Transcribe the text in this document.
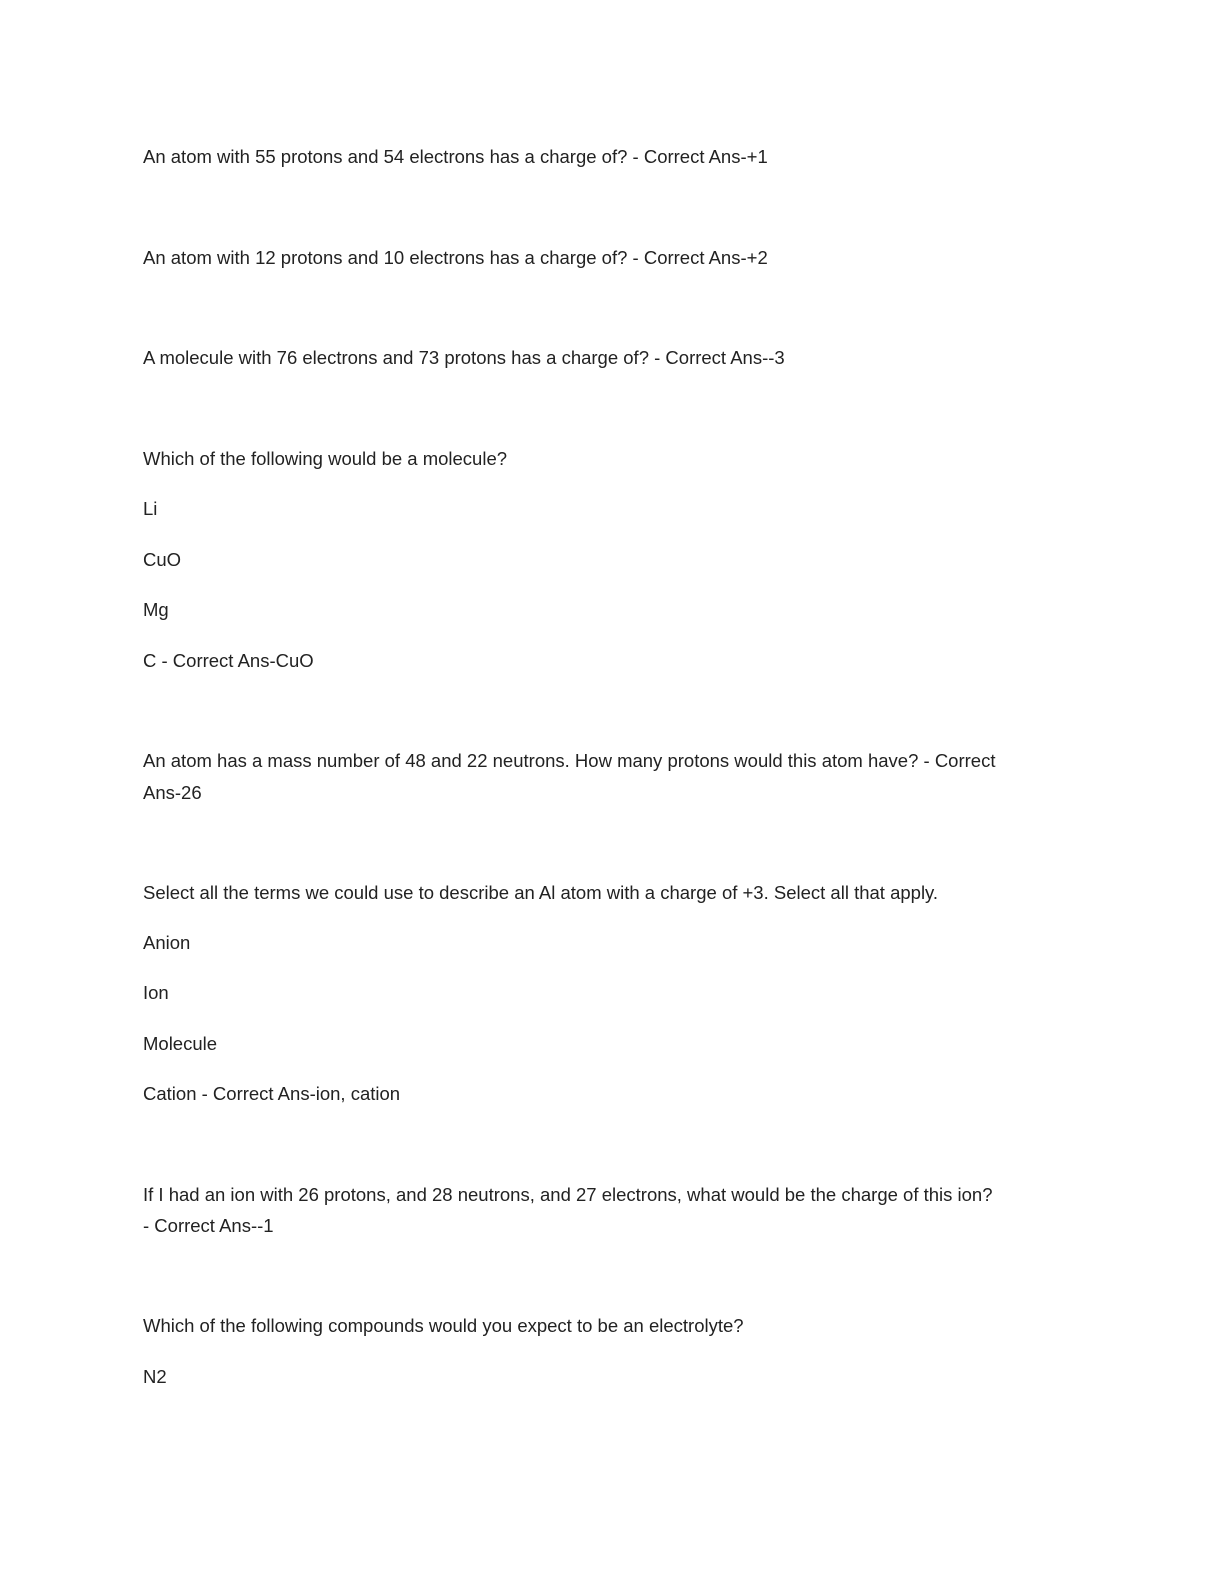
An atom with 55 protons and 54 electrons has a charge of? - Correct Ans-+1

An atom with 12 protons and 10 electrons has a charge of? - Correct Ans-+2

A molecule with 76 electrons and 73 protons has a charge of? - Correct Ans--3

Which of the following would be a molecule?

Li

CuO

Mg

C - Correct Ans-CuO

An atom has a mass number of 48 and 22 neutrons. How many protons would this atom have? - Correct

Ans-26

Select all the terms we could use to describe an Al atom with a charge of +3. Select all that apply.

Anion

Ion

Molecule

Cation - Correct Ans-ion, cation

If I had an ion with 26 protons, and 28 neutrons, and 27 electrons, what would be the charge of this ion?

- Correct Ans--1

Which of the following compounds would you expect to be an electrolyte?

N2
